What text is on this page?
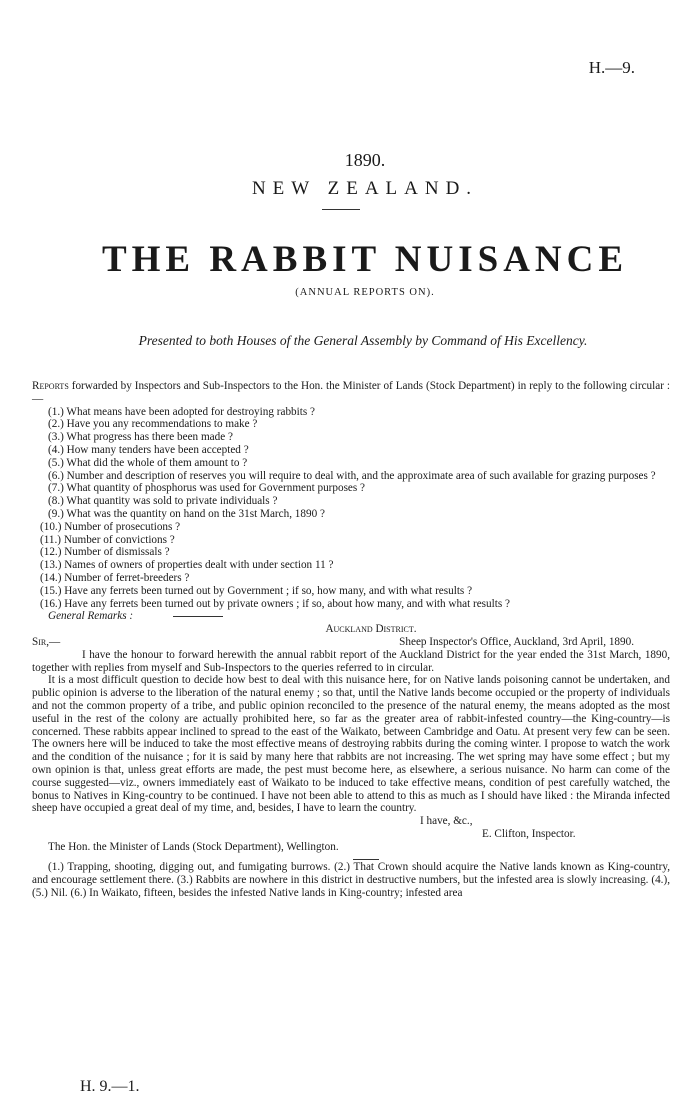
H.—9.
1890.
NEW ZEALAND.
THE RABBIT NUISANCE
(ANNUAL REPORTS ON).
Presented to both Houses of the General Assembly by Command of His Excellency.

Reports forwarded by Inspectors and Sub-Inspectors to the Hon. the Minister of Lands (Stock Department) in reply to the following circular :—

(1.) What means have been adopted for destroying rabbits ?

(2.) Have you any recommendations to make ?

(3.) What progress has there been made ?

(4.) How many tenders have been accepted ?

(5.) What did the whole of them amount to ?

(6.) Number and description of reserves you will require to deal with, and the approximate area of such available for grazing purposes ?

(7.) What quantity of phosphorus was used for Government purposes ?

(8.) What quantity was sold to private individuals ?

(9.) What was the quantity on hand on the 31st March, 1890 ?

(10.) Number of prosecutions ?

(11.) Number of convictions ?

(12.) Number of dismissals ?

(13.) Names of owners of properties dealt with under section 11 ?

(14.) Number of ferret-breeders ?

(15.) Have any ferrets been turned out by Government ; if so, how many, and with what results ?

(16.) Have any ferrets been turned out by private owners ; if so, about how many, and with what results ?

General Remarks :

Auckland District.

Sir,—	Sheep Inspector's Office, Auckland, 3rd April, 1890.

I have the honour to forward herewith the annual rabbit report of the Auckland District for the year ended the 31st March, 1890, together with replies from myself and Sub-Inspectors to the queries referred to in circular.

It is a most difficult question to decide how best to deal with this nuisance here, for on Native lands poisoning cannot be undertaken, and public opinion is adverse to the liberation of the natural enemy ; so that, until the Native lands become occupied or the property of individuals and not the common property of a tribe, and public opinion reconciled to the presence of the natural enemy, the means adopted as the most useful in the rest of the colony are actually prohibited here, so far as the greater area of rabbit-infested country—the King-country—is concerned. These rabbits appear inclined to spread to the east of the Waikato, between Cambridge and Oatu. At present very few can be seen. The owners here will be induced to take the most effective means of destroying rabbits during the coming winter. I propose to watch the work and the condition of the nuisance ; for it is said by many here that rabbits are not increasing. The wet spring may have some effect ; but my own opinion is that, unless great efforts are made, the pest must become here, as elsewhere, a serious nuisance. No harm can come of the course suggested—viz., owners immediately east of Waikato to be induced to take effective means, condition of pest carefully watched, the bonus to Natives in King-country to be continued. I have not been able to attend to this as much as I should have liked : the Miranda infected sheep have occupied a great deal of my time, and, besides, I have to learn the country.

I have, &c.,

E. Clifton, Inspector.

The Hon. the Minister of Lands (Stock Department), Wellington.

(1.) Trapping, shooting, digging out, and fumigating burrows. (2.) That Crown should acquire the Native lands known as King-country, and encourage settlement there. (3.) Rabbits are nowhere in this district in destructive numbers, but the infested area is slowly increasing. (4.), (5.) Nil. (6.) In Waikato, fifteen, besides the infested Native lands in King-country; infested area

H. 9.—1.
